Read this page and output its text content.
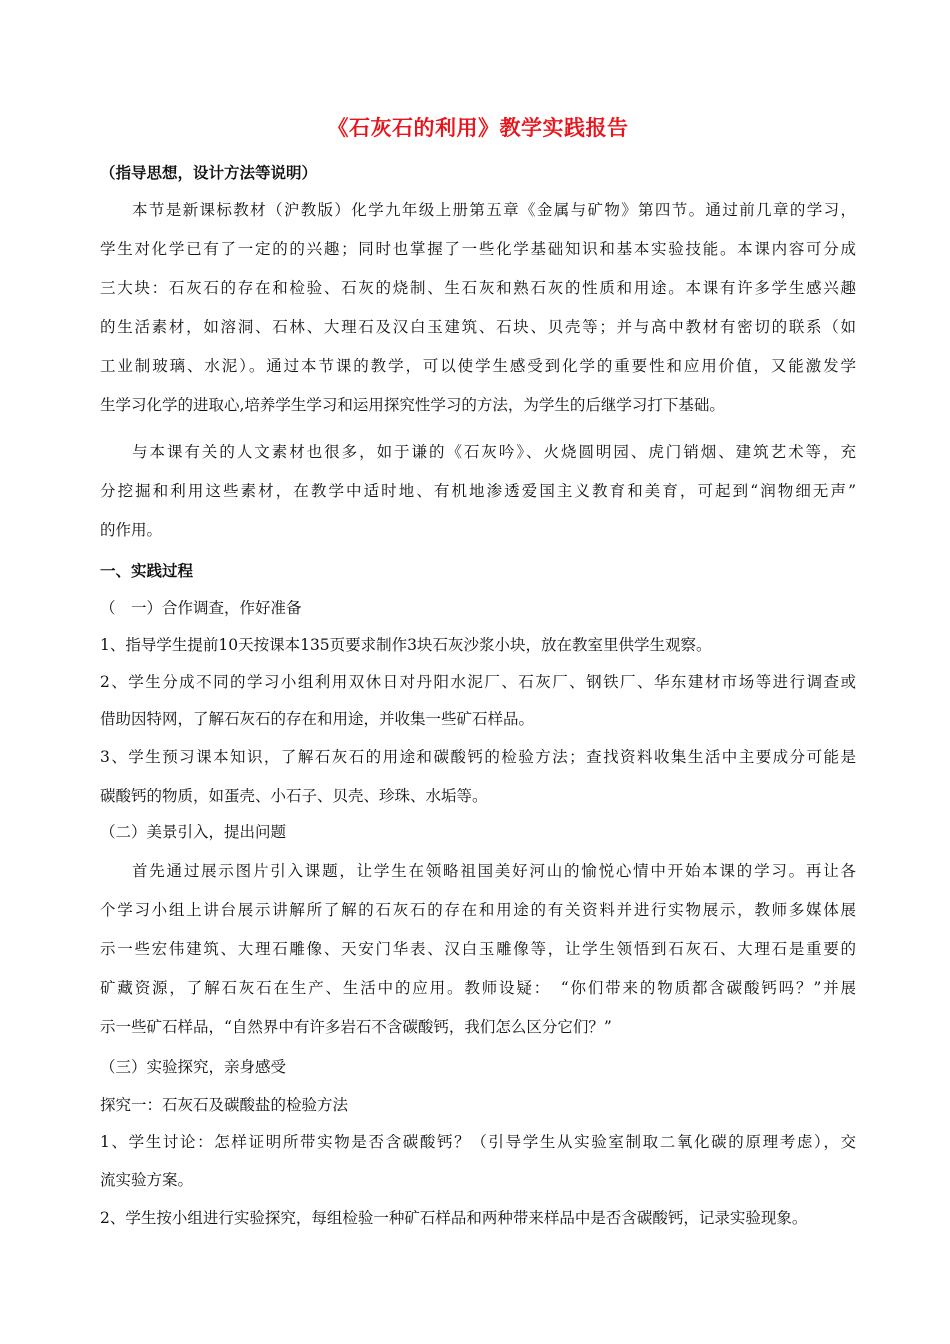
《石灰石的利用》教学实践报告
（指导思想，设计方法等说明）
本节是新课标教材（沪教版）化学九年级上册第五章《金属与矿物》第四节。通过前几章的学习，
学生对化学已有了一定的的兴趣；同时也掌握了一些化学基础知识和基本实验技能。本课内容可分成
三大块：石灰石的存在和检验、石灰的烧制、生石灰和熟石灰的性质和用途。本课有许多学生感兴趣
的生活素材，如溶洞、石林、大理石及汉白玉建筑、石块、贝壳等；并与高中教材有密切的联系（如
工业制玻璃、水泥）。通过本节课的教学，可以使学生感受到化学的重要性和应用价值，又能激发学
生学习化学的进取心,培养学生学习和运用探究性学习的方法，为学生的后继学习打下基础。
与本课有关的人文素材也很多，如于谦的《石灰吟》、火烧圆明园、虎门销烟、建筑艺术等，充
分挖掘和利用这些素材，在教学中适时地、有机地渗透爱国主义教育和美育，可起到“润物细无声”
的作用。
一、实践过程
（　一）合作调查，作好准备
1、指导学生提前10天按课本135页要求制作3块石灰沙浆小块，放在教室里供学生观察。
2、学生分成不同的学习小组利用双休日对丹阳水泥厂、石灰厂、钢铁厂、华东建材市场等进行调查或
借助因特网，了解石灰石的存在和用途，并收集一些矿石样品。
3、学生预习课本知识，了解石灰石的用途和碳酸钙的检验方法；查找资料收集生活中主要成分可能是
碳酸钙的物质，如蛋壳、小石子、贝壳、珍珠、水垢等。
（二）美景引入，提出问题
首先通过展示图片引入课题，让学生在领略祖国美好河山的愉悦心情中开始本课的学习。再让各
个学习小组上讲台展示讲解所了解的石灰石的存在和用途的有关资料并进行实物展示，教师多媒体展
示一些宏伟建筑、大理石雕像、天安门华表、汉白玉雕像等，让学生领悟到石灰石、大理石是重要的
矿藏资源，了解石灰石在生产、生活中的应用。教师设疑：　“你们带来的物质都含碳酸钙吗？”并展
示一些矿石样品，“自然界中有许多岩石不含碳酸钙，我们怎么区分它们？”
（三）实验探究，亲身感受
探究一：石灰石及碳酸盐的检验方法
1、学生讨论：怎样证明所带实物是否含碳酸钙？（引导学生从实验室制取二氧化碳的原理考虑），交
流实验方案。
2、学生按小组进行实验探究，每组检验一种矿石样品和两种带来样品中是否含碳酸钙，记录实验现象。
